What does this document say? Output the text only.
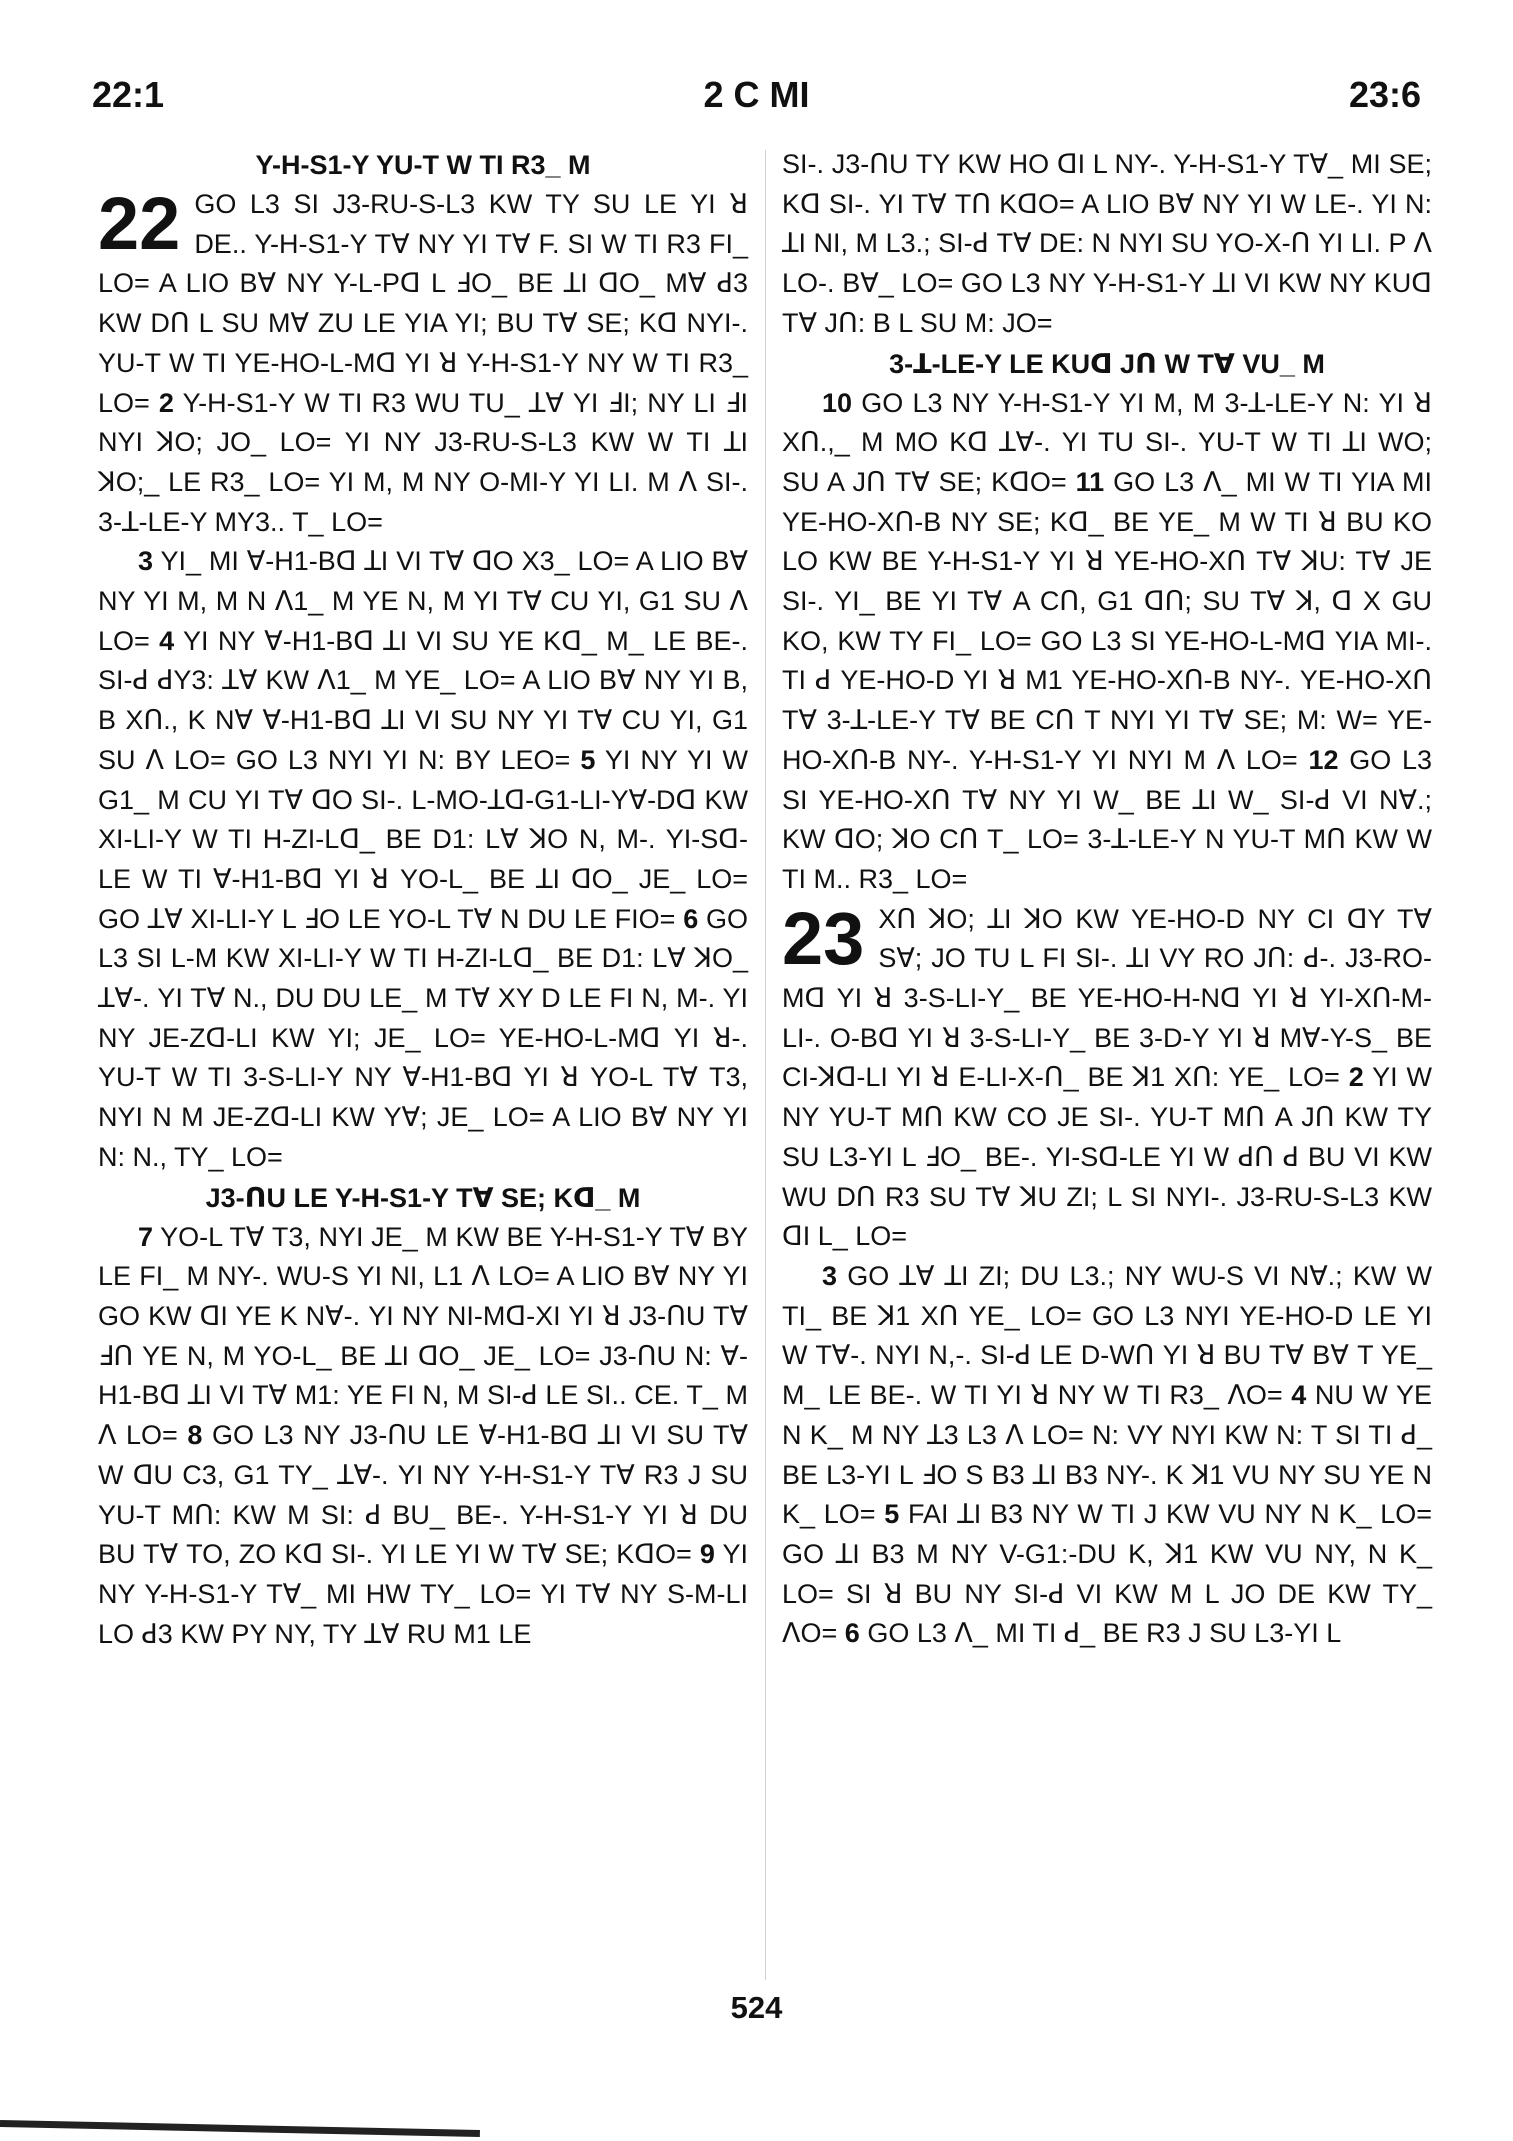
22:1	2 C MI	23:6

Y-H-S1-Y YU-T W TI R3_ M

22 GO L3 SI J3-RU-S-L3 KW TY SU LE YI ꓤ DE.. Y-H-S1-Y Tꓯ NY YI Tꓯ F. SI W TI R3 FI_ LO= A LIO Bꓯ NY Y-L-Pꓷ L ꓞO_ BE ꓕI ꓷO_ Mꓯ ꓒ3 KW Dꓵ L SU Mꓯ ZU LE YIA YI; BU Tꓯ SE; Kꓷ NYI-. YU-T W TI YE-HO-L-Mꓷ YI ꓤ Y-H-S1-Y NY W TI R3_ LO= 2 Y-H-S1-Y W TI R3 WU TU_ ꓕꓯ YI ꓞI; NY LI ꓞI NYI ꓘO; JO_ LO= YI NY J3-RU-S-L3 KW W TI ꓕI ꓘO;_ LE R3_ LO= YI M, M NY O-MI-Y YI LI. M ꓥ SI-. 3-ꓕ-LE-Y MY3.. T_ LO=

3 YI_ MI ꓯ-H1-Bꓷ ꓕI VI Tꓯ ꓷO X3_ LO= A LIO Bꓯ NY YI M, M N ꓥ1_ M YE N, M YI Tꓯ CU YI, G1 SU ꓥ LO= 4 YI NY ꓯ-H1-Bꓷ ꓕI VI SU YE Kꓷ_ M_ LE BE-. SI-ꓒ ꓒY3: ꓕꓯ KW ꓥ1_ M YE_ LO= A LIO Bꓯ NY YI B, B Xꓵ., K Nꓯ ꓯ-H1-Bꓷ ꓕI VI SU NY YI Tꓯ CU YI, G1 SU ꓥ LO= GO L3 NYI YI N: BY LEO= 5 YI NY YI W G1_ M CU YI Tꓯ ꓷO SI-. L-MO-ꓕꓷ-G1-LI-Yꓯ-Dꓷ KW XI-LI-Y W TI H-ZI-Lꓷ_ BE D1: Lꓯ ꓘO N, M-. YI-Sꓷ-LE W TI ꓯ-H1-Bꓷ YI ꓤ YO-L_ BE ꓕI ꓷO_ JE_ LO= GO ꓕꓯ XI-LI-Y L ꓞO LE YO-L Tꓯ N DU LE FIO= 6 GO L3 SI L-M KW XI-LI-Y W TI H-ZI-Lꓷ_ BE D1: Lꓯ ꓘO_ ꓕꓯ-. YI Tꓯ N., DU DU LE_ M Tꓯ XY D LE FI N, M-. YI NY JE-Zꓷ-LI KW YI; JE_ LO= YE-HO-L-Mꓷ YI ꓤ-. YU-T W TI 3-S-LI-Y NY ꓯ-H1-Bꓷ YI ꓤ YO-L Tꓯ T3, NYI N M JE-Zꓷ-LI KW Yꓯ; JE_ LO= A LIO Bꓯ NY YI N: N., TY_ LO=

J3-ꓵU LE Y-H-S1-Y Tꓯ SE; Kꓷ_ M

7 YO-L Tꓯ T3, NYI JE_ M KW BE Y-H-S1-Y Tꓯ BY LE FI_ M NY-. WU-S YI NI, L1 ꓥ LO= A LIO Bꓯ NY YI GO KW ꓷI YE K Nꓯ-. YI NY NI-Mꓷ-XI YI ꓤ J3-ꓵU Tꓯ ꓞꓵ YE N, M YO-L_ BE ꓕI ꓷO_ JE_ LO= J3-ꓵU N: ꓯ-H1-Bꓷ ꓕI VI Tꓯ M1: YE FI N, M SI-ꓒ LE SI.. CE. T_ M ꓥ LO= 8 GO L3 NY J3-ꓵU LE ꓯ-H1-Bꓷ ꓕI VI SU Tꓯ W ꓷU C3, G1 TY_ ꓕꓯ-. YI NY Y-H-S1-Y Tꓯ R3 J SU YU-T Mꓵ: KW M SI: ꓒ BU_ BE-. Y-H-S1-Y YI ꓤ DU BU Tꓯ TO, ZO Kꓷ SI-. YI LE YI W Tꓯ SE; KꓷO= 9 YI NY Y-H-S1-Y Tꓯ_ MI HW TY_ LO= YI Tꓯ NY S-M-LI LO ꓒ3 KW PY NY, TY ꓕꓯ RU M1 LE

SI-. J3-ꓵU TY KW HO ꓷI L NY-. Y-H-S1-Y Tꓯ_ MI SE; Kꓷ SI-. YI Tꓯ Tꓵ KꓷO= A LIO Bꓯ NY YI W LE-. YI N: ꓕI NI, M L3.; SI-ꓒ Tꓯ DE: N NYI SU YO-X-ꓵ YI LI. P ꓥ LO-. Bꓯ_ LO= GO L3 NY Y-H-S1-Y ꓕI VI KW NY KUꓷ Tꓯ Jꓵ: B L SU M: JO=

3-ꓕ-LE-Y LE KUꓷ Jꓵ W Tꓯ VU_ M

10 GO L3 NY Y-H-S1-Y YI M, M 3-ꓕ-LE-Y N: YI ꓤ Xꓵ.,_ M MO Kꓷ ꓕꓯ-. YI TU SI-. YU-T W TI ꓕI WO; SU A Jꓵ Tꓯ SE; KꓷO= 11 GO L3 ꓥ_ MI W TI YIA MI YE-HO-Xꓵ-B NY SE; Kꓷ_ BE YE_ M W TI ꓤ BU KO LO KW BE Y-H-S1-Y YI ꓤ YE-HO-Xꓵ Tꓯ ꓘU: Tꓯ JE SI-. YI_ BE YI Tꓯ A Cꓵ, G1 ꓷꓵ; SU Tꓯ ꓘ, ꓷ X GU KO, KW TY FI_ LO= GO L3 SI YE-HO-L-Mꓷ YIA MI-. TI ꓒ YE-HO-D YI ꓤ M1 YE-HO-Xꓵ-B NY-. YE-HO-Xꓵ Tꓯ 3-ꓕ-LE-Y Tꓯ BE Cꓵ T NYI YI Tꓯ SE; M: W= YE-HO-Xꓵ-B NY-. Y-H-S1-Y YI NYI M ꓥ LO= 12 GO L3 SI YE-HO-Xꓵ Tꓯ NY YI W_ BE ꓕI W_ SI-ꓒ VI Nꓯ.; KW ꓷO; ꓘO Cꓵ T_ LO= 3-ꓕ-LE-Y N YU-T Mꓵ KW W TI M.. R3_ LO=

23 Xꓵ ꓘO; ꓕI ꓘO KW YE-HO-D NY CI ꓷY Tꓯ Sꓯ; JO TU L FI SI-. ꓕI VY RO Jꓵ: ꓒ-. J3-RO-Mꓷ YI ꓤ 3-S-LI-Y_ BE YE-HO-H-Nꓷ YI ꓤ YI-Xꓵ-M-LI-. O-Bꓷ YI ꓤ 3-S-LI-Y_ BE 3-D-Y YI ꓤ Mꓯ-Y-S_ BE CI-ꓘꓷ-LI YI ꓤ E-LI-X-ꓵ_ BE ꓘ1 Xꓵ: YE_ LO= 2 YI W NY YU-T Mꓵ KW CO JE SI-. YU-T Mꓵ A Jꓵ KW TY SU L3-YI L ꓞO_ BE-. YI-Sꓷ-LE YI W ꓒꓵ ꓒ BU VI KW WU Dꓵ R3 SU Tꓯ ꓘU ZI; L SI NYI-. J3-RU-S-L3 KW ꓷI L_ LO=

3 GO ꓕꓯ ꓕI ZI; DU L3.; NY WU-S VI Nꓯ.; KW W TI_ BE ꓘ1 Xꓵ YE_ LO= GO L3 NYI YE-HO-D LE YI W Tꓯ-. NYI N,-. SI-ꓒ LE D-Wꓵ YI ꓤ BU Tꓯ Bꓯ T YE_ M_ LE BE-. W TI YI ꓤ NY W TI R3_ ꓥO= 4 NU W YE N K_ M NY ꓕ3 L3 ꓥ LO= N: VY NYI KW N: T SI TI ꓒ_ BE L3-YI L ꓞO S B3 ꓕI B3 NY-. K ꓘ1 VU NY SU YE N K_ LO= 5 FAI ꓕI B3 NY W TI J KW VU NY N K_ LO= GO ꓕI B3 M NY V-G1:-DU K, ꓘ1 KW VU NY, N K_ LO= SI ꓤ BU NY SI-ꓒ VI KW M L JO DE KW TY_ ꓥO= 6 GO L3 ꓥ_ MI TI ꓒ_ BE R3 J SU L3-YI L

524
